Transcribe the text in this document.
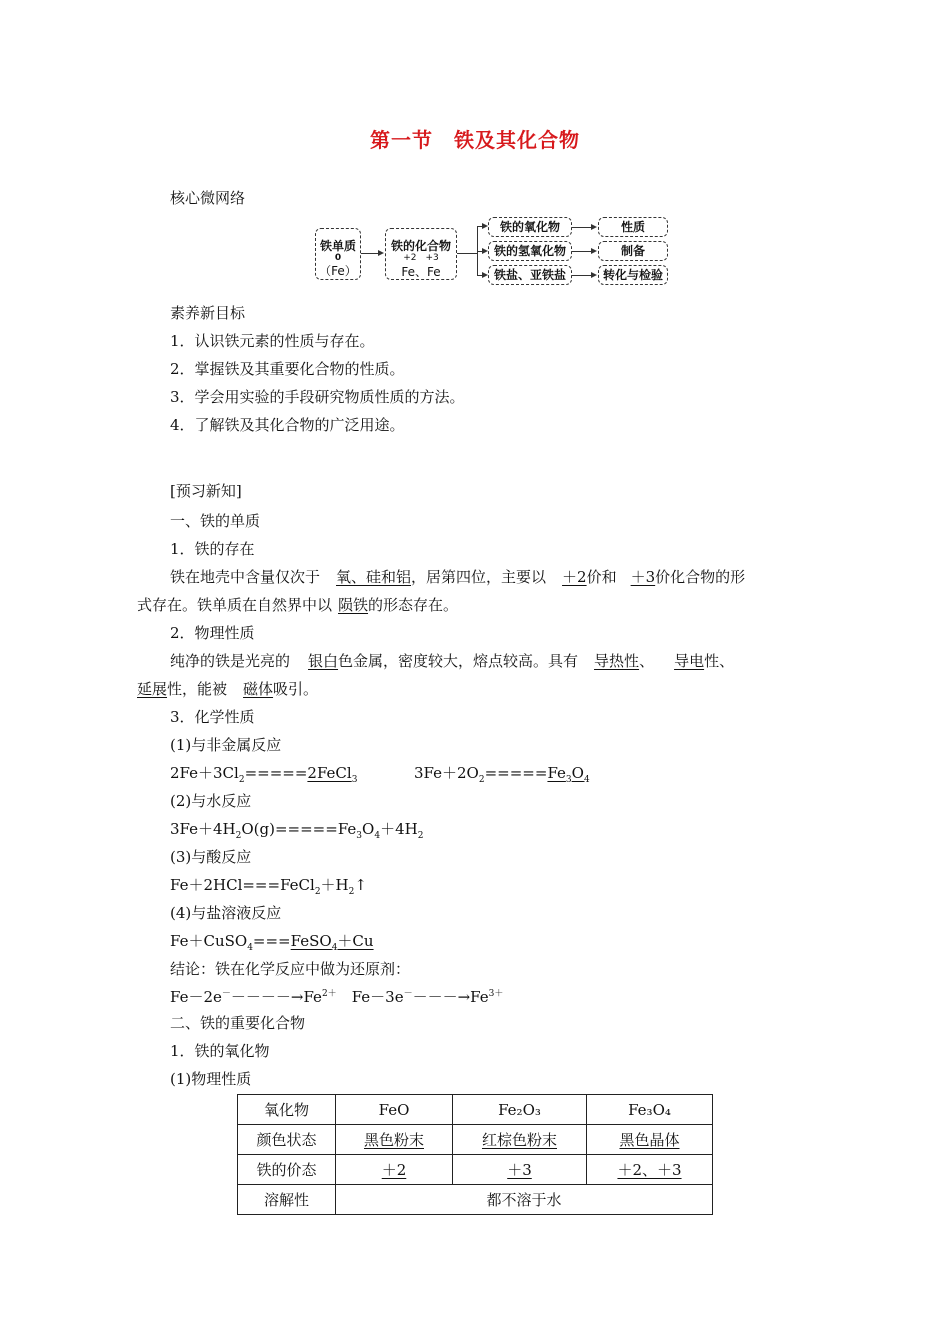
第一节　铁及其化合物
核心微网络
铁单质
0
（Fe）
铁的化合物
+2　+3
Fe、Fe
铁的氧化物
铁的氢氧化物
铁盐、亚铁盐
性质
制备
转化与检验
素养新目标
1．认识铁元素的性质与存在。
2．掌握铁及其重要化合物的性质。
3．学会用实验的手段研究物质性质的方法。
4．了解铁及其化合物的广泛用途。
[预习新知]
一、铁的单质
1．铁的存在
铁在地壳中含量仅次于 氧、硅和铝，居第四位，主要以 ＋2价和 ＋3价化合物的形
式存在。铁单质在自然界中以 陨铁的形态存在。
2．物理性质
纯净的铁是光亮的 银白色金属，密度较大，熔点较高。具有 导热性、 导电性、
延展性，能被 磁体吸引。
3．化学性质
(1)与非金属反应
$2Fe+3Cl_2=====2FeCl_3$	$3Fe+2O_2=====Fe_3O_4$
(2)与水反应
$3Fe+4H_2O(g)=====Fe_3O_4+4H_2$
(3)与酸反应
$Fe+2HCl===FeCl_2+H_2↑$
(4)与盐溶液反应
Fe＋CuSO$_4$===FeSO$_4$＋Cu
结论：铁在化学反应中做为还原剂：
$Fe-2e^-----\to Fe^{2+}$　$Fe-3e^----\to Fe^{3+}$
二、铁的重要化合物
1．铁的氧化物
(1)物理性质
氧化物	FeO	Fe₂O₃	Fe₃O₄
颜色状态	黑色粉末	红棕色粉末	黑色晶体
铁的价态	＋2	＋3	＋2、＋3
溶解性	都不溶于水		
